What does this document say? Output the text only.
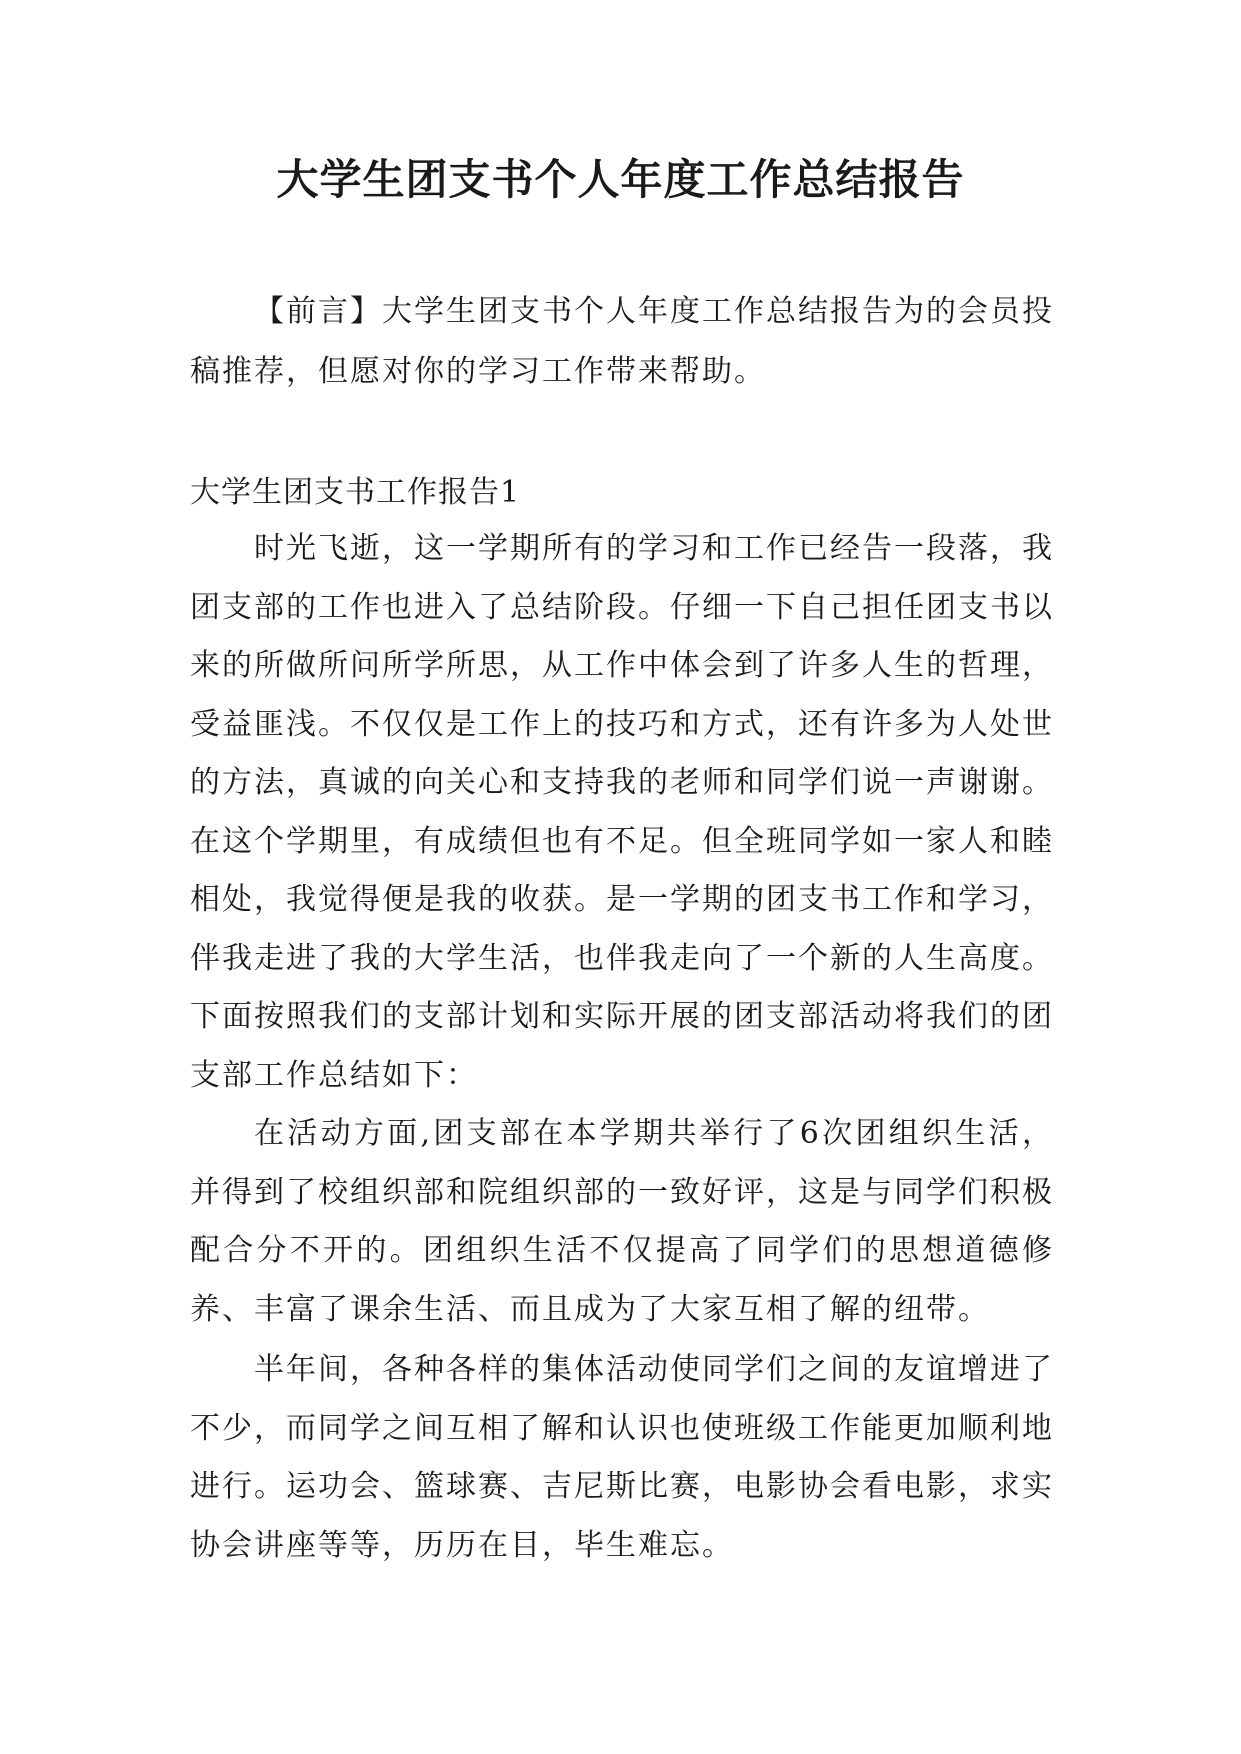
大学生团支书个人年度工作总结报告

【前言】大学生团支书个人年度工作总结报告为的会员投稿推荐，但愿对你的学习工作带来帮助。

大学生团支书工作报告1

时光飞逝，这一学期所有的学习和工作已经告一段落，我团支部的工作也进入了总结阶段。仔细一下自己担任团支书以来的所做所问所学所思，从工作中体会到了许多人生的哲理，受益匪浅。不仅仅是工作上的技巧和方式，还有许多为人处世的方法，真诚的向关心和支持我的老师和同学们说一声谢谢。在这个学期里，有成绩但也有不足。但全班同学如一家人和睦相处，我觉得便是我的收获。是一学期的团支书工作和学习，伴我走进了我的大学生活，也伴我走向了一个新的人生高度。下面按照我们的支部计划和实际开展的团支部活动将我们的团支部工作总结如下：

在活动方面,团支部在本学期共举行了6次团组织生活，并得到了校组织部和院组织部的一致好评，这是与同学们积极配合分不开的。团组织生活不仅提高了同学们的思想道德修养、丰富了课余生活、而且成为了大家互相了解的纽带。

半年间，各种各样的集体活动使同学们之间的友谊增进了不少，而同学之间互相了解和认识也使班级工作能更加顺利地进行。运功会、篮球赛、吉尼斯比赛，电影协会看电影，求实协会讲座等等，历历在目，毕生难忘。
